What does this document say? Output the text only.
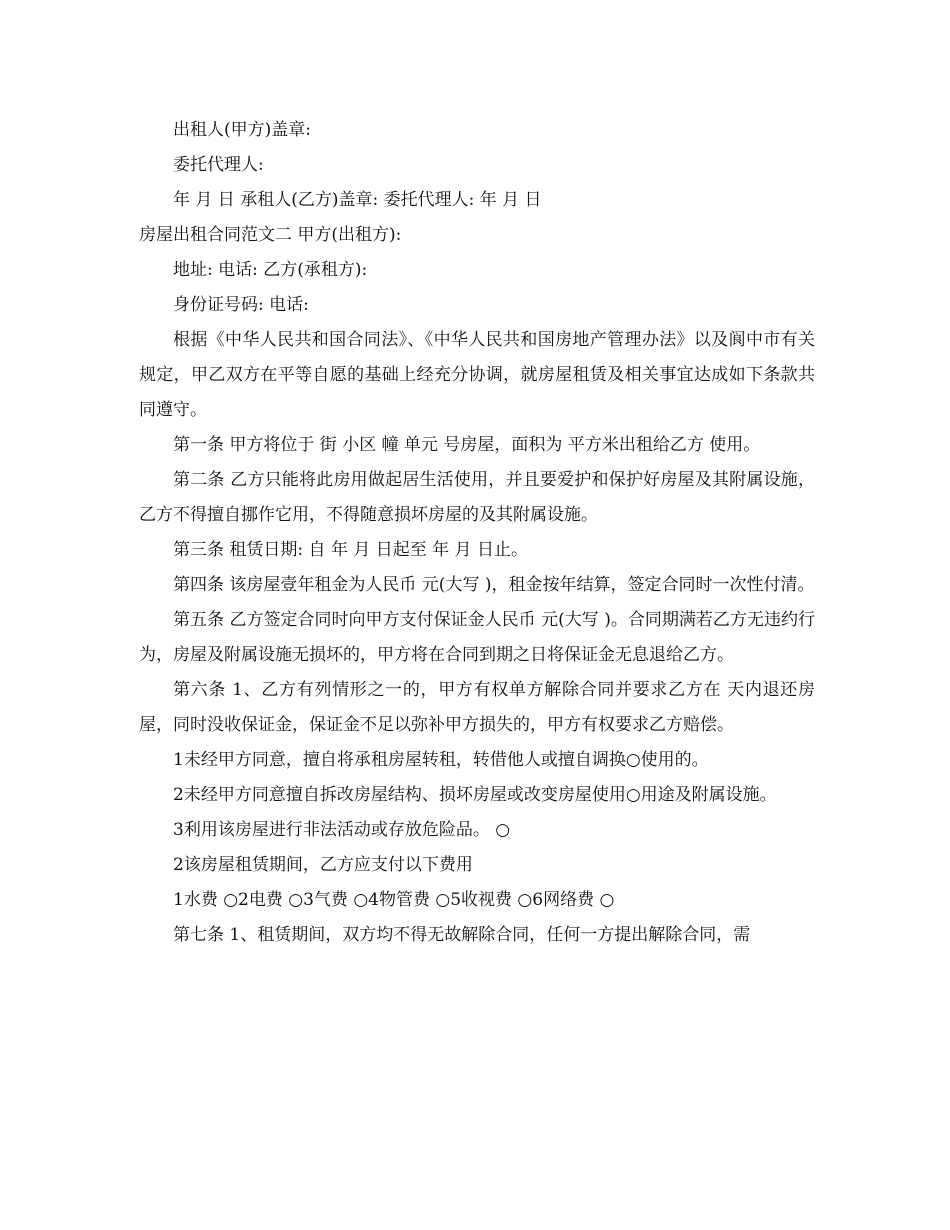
出租人(甲方)盖章:

委托代理人:

年 月 日 承租人(乙方)盖章: 委托代理人: 年 月 日

房屋出租合同范文二 甲方(出租方):

地址: 电话: 乙方(承租方):

身份证号码: 电话:

根据《中华人民共和国合同法》、《中华人民共和国房地产管理办法》以及阆中市有关规定，甲乙双方在平等自愿的基础上经充分协调，就房屋租赁及相关事宜达成如下条款共同遵守。

第一条 甲方将位于 街 小区 幢 单元 号房屋，面积为 平方米出租给乙方 使用。

第二条 乙方只能将此房用做起居生活使用，并且要爱护和保护好房屋及其附属设施，乙方不得擅自挪作它用，不得随意损坏房屋的及其附属设施。

第三条 租赁日期: 自 年 月 日起至 年 月 日止。

第四条 该房屋壹年租金为人民币 元(大写 )，租金按年结算，签定合同时一次性付清。

第五条 乙方签定合同时向甲方支付保证金人民币 元(大写 )。合同期满若乙方无违约行为，房屋及附属设施无损坏的，甲方将在合同到期之日将保证金无息退给乙方。

第六条 1、乙方有列情形之一的，甲方有权单方解除合同并要求乙方在 天内退还房屋，同时没收保证金，保证金不足以弥补甲方损失的，甲方有权要求乙方赔偿。

1未经甲方同意，擅自将承租房屋转租，转借他人或擅自调换○使用的。

2未经甲方同意擅自拆改房屋结构、损坏房屋或改变房屋使用○用途及附属设施。

3利用该房屋进行非法活动或存放危险品。 ○

2该房屋租赁期间，乙方应支付以下费用

1水费 ○2电费 ○3气费 ○4物管费 ○5收视费 ○6网络费 ○

第七条 1、租赁期间，双方均不得无故解除合同，任何一方提出解除合同，需
